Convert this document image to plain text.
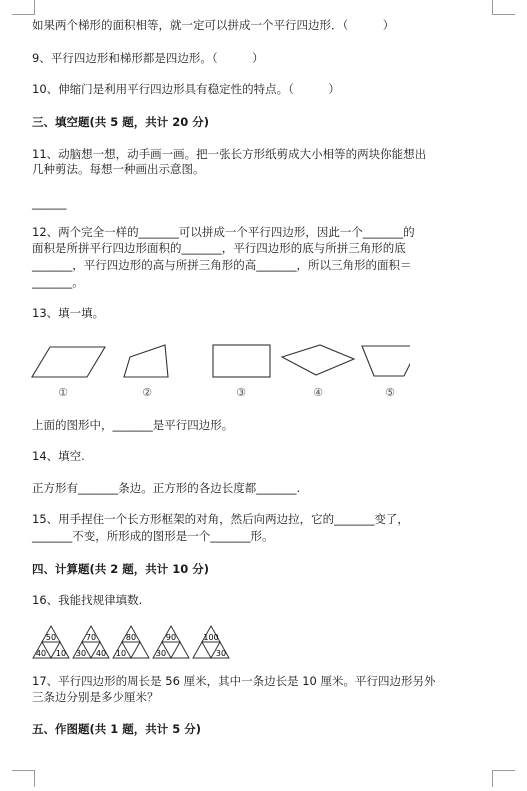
如果两个梯形的面积相等，就一定可以拼成一个平行四边形．（　　　）
9、平行四边形和梯形都是四边形。（　　　）
10、伸缩门是利用平行四边形具有稳定性的特点。（　　　）
三、填空题(共 5 题，共计 20 分)
11、动脑想一想，动手画一画。把一张长方形纸剪成大小相等的两块你能想出
几种剪法。每想一种画出示意图。
______
12、两个完全一样的_______可以拼成一个平行四边形，因此一个_______的
面积是所拼平行四边形面积的_______，平行四边形的底与所拼三角形的底
_______，平行四边形的高与所拼三角形的高_______，所以三角形的面积＝
_______。
13、填一填。
①	②	③	④	⑤
上面的图形中，_______是平行四边形。
14、填空.
正方形有_______条边。正方形的各边长度都_______.
15、用手捏住一个长方形框架的对角，然后向两边拉，它的_______变了，
_______不变，所形成的图形是一个_______形。
四、计算题(共 2 题，共计 10 分)
16、我能找规律填数.
50
40 10
70
30 40
80
10
90
30
100
30
17、平行四边形的周长是 56 厘米，其中一条边长是 10 厘米。平行四边形另外
三条边分别是多少厘米？
五、作图题(共 1 题，共计 5 分)
